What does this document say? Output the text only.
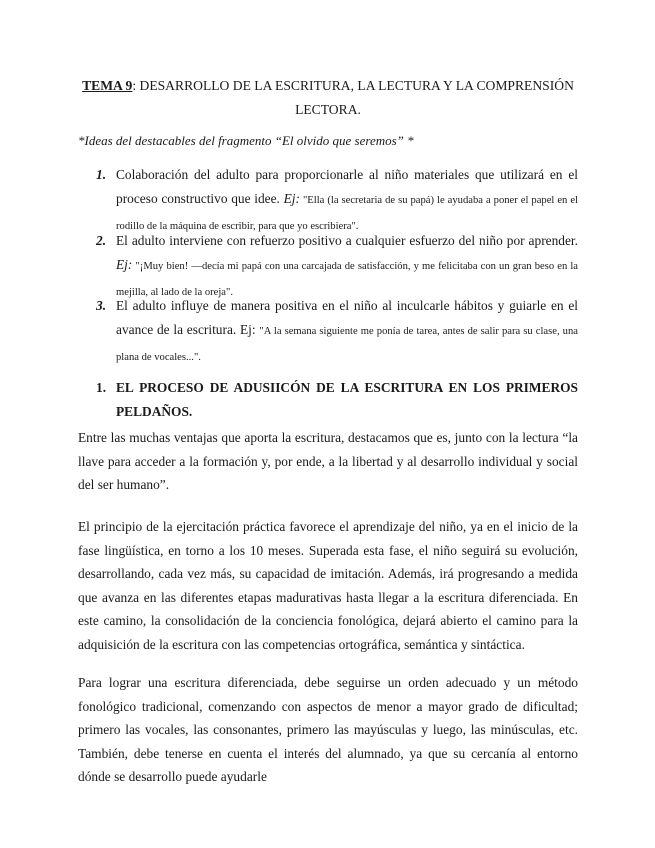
TEMA 9: DESARROLLO DE LA ESCRITURA, LA LECTURA Y LA COMPRENSIÓN LECTORA.
*Ideas del destacables del fragmento “El olvido que seremos” *
1. Colaboración del adulto para proporcionarle al niño materiales que utilizará en el proceso constructivo que idee. Ej: "Ella (la secretaria de su papá) le ayudaba a poner el papel en el rodillo de la máquina de escribir, para que yo escribiera".
2. El adulto interviene con refuerzo positivo a cualquier esfuerzo del niño por aprender. Ej: "¡Muy bien! —decía mi papá con una carcajada de satisfacción, y me felicitaba con un gran beso en la mejilla, al lado de la oreja".
3. El adulto influye de manera positiva en el niño al inculcarle hábitos y guiarle en el avance de la escritura. Ej: "A la semana siguiente me ponía de tarea, antes de salir para su clase, una plana de vocales...".
1. EL PROCESO DE ADUSIICÓN DE LA ESCRITURA EN LOS PRIMEROS
PELDAÑOS.
Entre las muchas ventajas que aporta la escritura, destacamos que es, junto con la lectura “la llave para acceder a la formación y, por ende, a la libertad y al desarrollo individual y social del ser humano”.
El principio de la ejercitación práctica favorece el aprendizaje del niño, ya en el inicio de la fase lingüística, en torno a los 10 meses. Superada esta fase, el niño seguirá su evolución, desarrollando, cada vez más, su capacidad de imitación. Además, irá progresando a medida que avanza en las diferentes etapas madurativas hasta llegar a la escritura diferenciada. En este camino, la consolidación de la conciencia fonológica, dejará abierto el camino para la adquisición de la escritura con las competencias ortográfica, semántica y sintáctica.
Para lograr una escritura diferenciada, debe seguirse un orden adecuado y un método fonológico tradicional, comenzando con aspectos de menor a mayor grado de dificultad; primero las vocales, las consonantes, primero las mayúsculas y luego, las minúsculas, etc. También, debe tenerse en cuenta el interés del alumnado, ya que su cercanía al entorno dónde se desarrollo puede ayudarle
